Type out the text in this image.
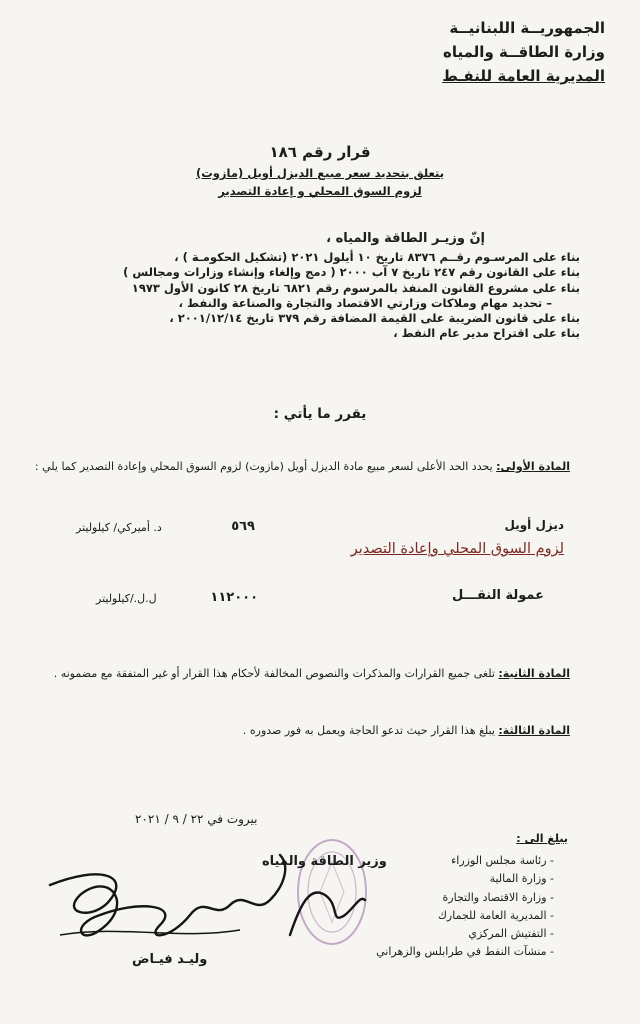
الجمهوريــة اللبنانيــة
وزارة الطاقــة والمياه
المديرية العامة للنفـط
قرار رقم ١٨٦
يتعلق بتحديد سعر مبيع الديزل أويل (مازوت)
لزوم السوق المحلي و إعادة التصدير
إنّ وزيـر الطاقة والمياه ،
بناء على المرسـوم رقــم ٨٣٧٦ تاريخ ١٠ أيلول ٢٠٢١ (تشكيل الحكومـة ) ،
بناء على القانون رقم ٢٤٧ تاريخ ٧ آب ٢٠٠٠ ( دمج وإلغاء وإنشاء وزارات ومجالس )
بناء على مشروع القانون المنفذ بالمرسوم رقم ٦٨٢١ تاريخ ٢٨ كانون الأول ١٩٧٣
– تحديد مهام وملاكات وزارتي الاقتصاد والتجارة والصناعة والنفط ،
بناء على قانون الضريبة على القيمة المضافة رقم ٣٧٩ تاريخ ٢٠٠١/١٢/١٤ ،
بناء على اقتراح مدير عام النفط ،
يقرر ما يأتي :
المادة الأولى: يحدد الحد الأعلى لسعر مبيع مادة الديزل أويل (مازوت) لزوم السوق المحلي وإعادة التصدير كما يلي :
ديزل أويل
لزوم السوق المحلي وإعادة التصدير
٥٦٩
د. أميركي/ كيلوليتر
عمولة النقـــل
١١٢٠٠٠
ل.ل./كيلوليتر
المادة الثانية: تلغى جميع القرارات والمذكرات والنصوص المخالفة لأحكام هذا القرار أو غير المتفقة مع مضمونه .
المادة الثالثة: يبلغ هذا القرار حيث تدعو الحاجة ويعمل به فور صدوره .
بيروت في ٢٢ / ٩ / ٢٠٢١
يبلغ الى :
- رئاسة مجلس الوزراء
- وزارة المالية
- وزارة الاقتصاد والتجارة
- المديرية العامة للجمارك
- التفتيش المركزي
- منشآت النفط في طرابلس والزهراني
وزير الطاقة والمياه
وليـد فيـاض
